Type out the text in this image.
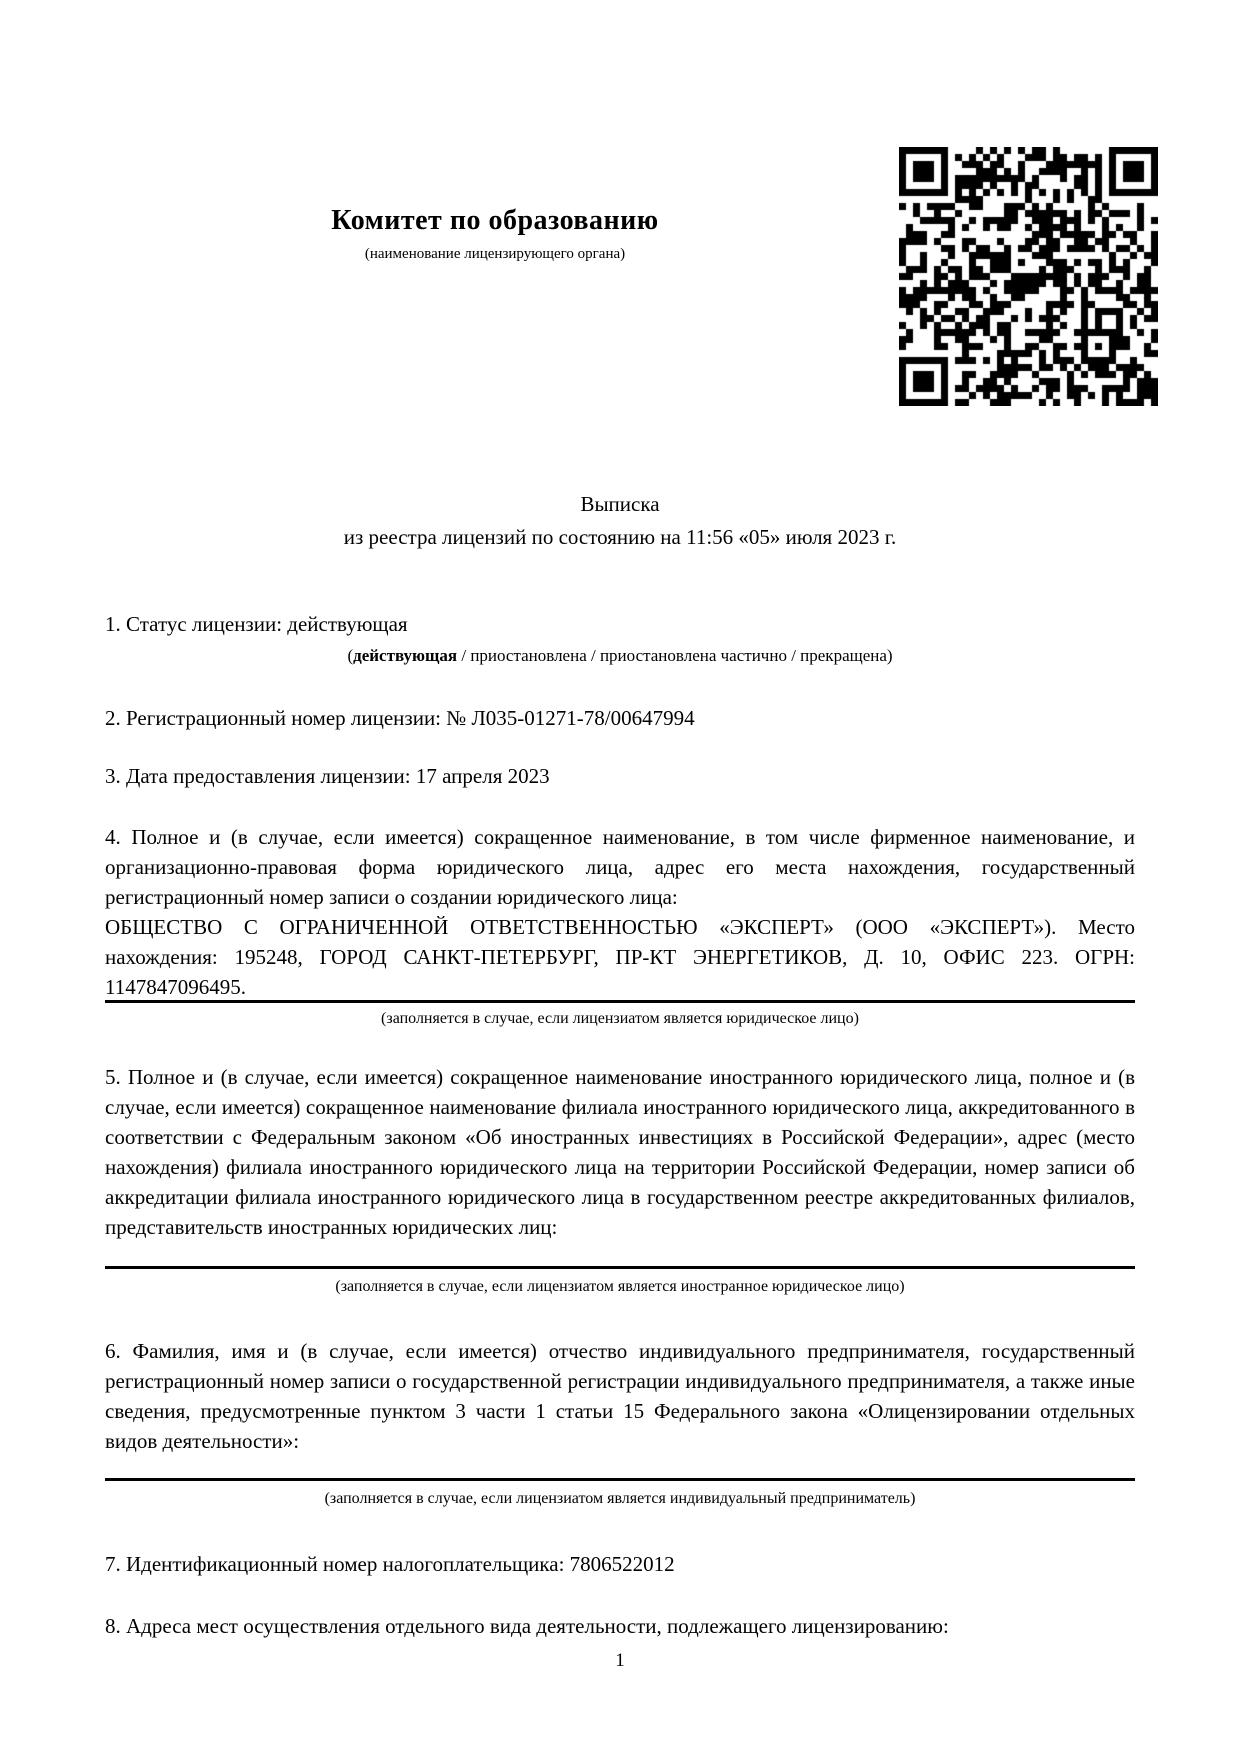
Комитет по образованию
(наименование лицензирующего органа)
Выписка
из реестра лицензий по состоянию на 11:56 «05» июля 2023 г.
1. Статус лицензии: действующая
(действующая / приостановлена / приостановлена частично / прекращена)
2. Регистрационный номер лицензии: № Л035-01271-78/00647994
3. Дата предоставления лицензии: 17 апреля 2023
4. Полное и (в случае, если имеется) сокращенное наименование, в том числе фирменное наименование, и организационно-правовая форма юридического лица, адрес его места нахождения, государственный регистрационный номер записи о создании юридического лица:
ОБЩЕСТВО С ОГРАНИЧЕННОЙ ОТВЕТСТВЕННОСТЬЮ «ЭКСПЕРТ» (ООО «ЭКСПЕРТ»). Место нахождения: 195248, ГОРОД САНКТ-ПЕТЕРБУРГ, ПР-КТ ЭНЕРГЕТИКОВ, Д. 10, ОФИС 223. ОГРН: 1147847096495.
(заполняется в случае, если лицензиатом является юридическое лицо)
5. Полное и (в случае, если имеется) сокращенное наименование иностранного юридического лица, полное и (в случае, если имеется) сокращенное наименование филиала иностранного юридического лица, аккредитованного в соответствии с Федеральным законом «Об иностранных инвестициях в Российской Федерации», адрес (место нахождения) филиала иностранного юридического лица на территории Российской Федерации, номер записи об аккредитации филиала иностранного юридического лица в государственном реестре аккредитованных филиалов, представительств иностранных юридических лиц:
(заполняется в случае, если лицензиатом является иностранное юридическое лицо)
6. Фамилия, имя и (в случае, если имеется) отчество индивидуального предпринимателя, государственный регистрационный номер записи о государственной регистрации индивидуального предпринимателя, а также иные сведения, предусмотренные пунктом 3 части 1 статьи 15 Федерального закона «Олицензировании отдельных видов деятельности»:
(заполняется в случае, если лицензиатом является индивидуальный предприниматель)
7. Идентификационный номер налогоплательщика: 7806522012
8. Адреса мест осуществления отдельного вида деятельности, подлежащего лицензированию:
1
